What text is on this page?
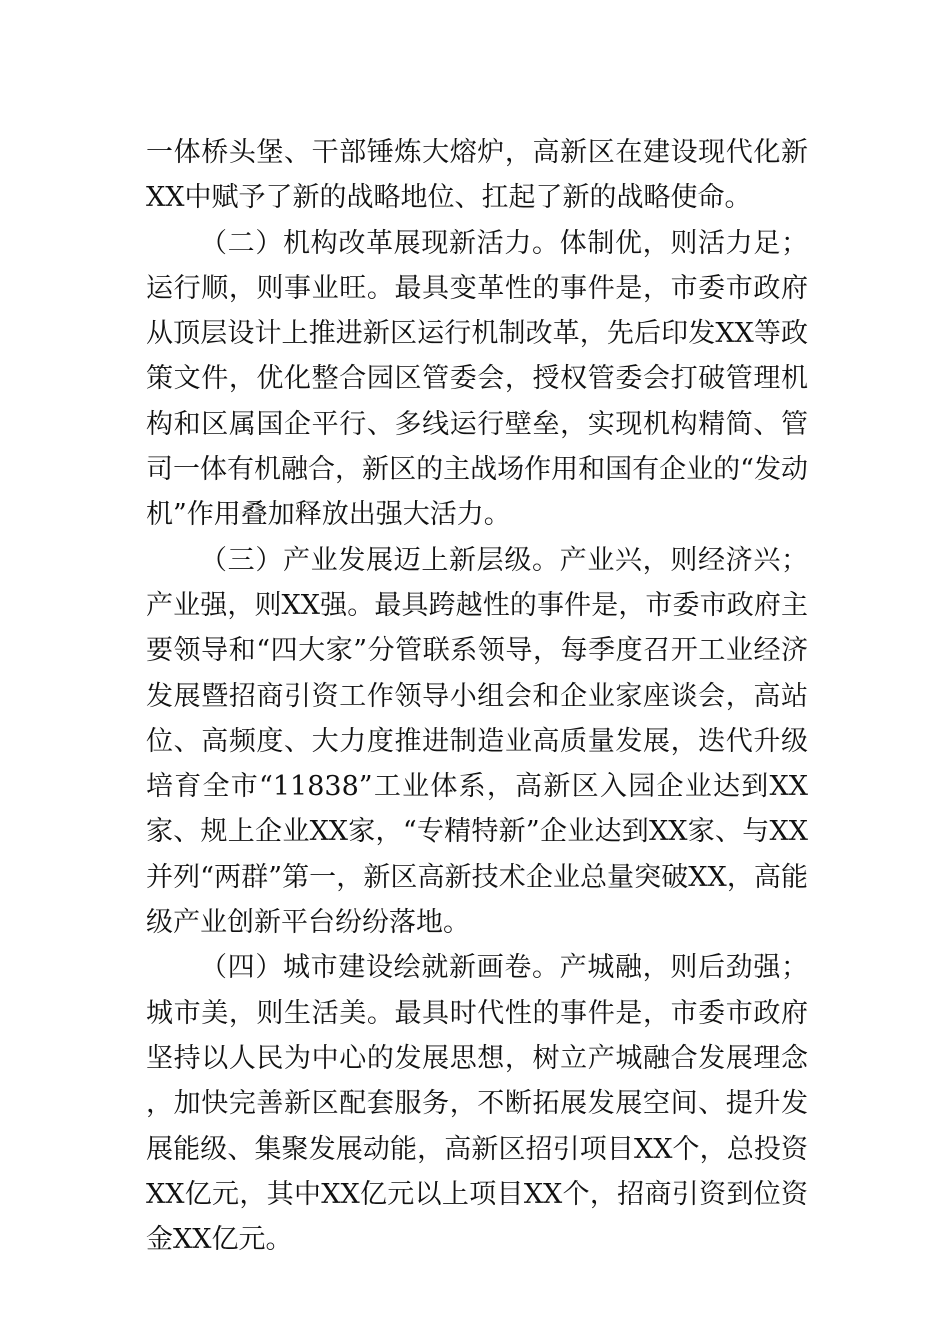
一体桥头堡、干部锤炼大熔炉，高新区在建设现代化新XX中赋予了新的战略地位、扛起了新的战略使命。

（二）机构改革展现新活力。体制优，则活力足；运行顺，则事业旺。最具变革性的事件是，市委市政府从顶层设计上推进新区运行机制改革，先后印发XX等政策文件，优化整合园区管委会，授权管委会打破管理机构和区属国企平行、多线运行壁垒，实现机构精简、管司一体有机融合，新区的主战场作用和国有企业的“发动机”作用叠加释放出强大活力。

（三）产业发展迈上新层级。产业兴，则经济兴；产业强，则XX强。最具跨越性的事件是，市委市政府主要领导和“四大家”分管联系领导，每季度召开工业经济发展暨招商引资工作领导小组会和企业家座谈会，高站位、高频度、大力度推进制造业高质量发展，迭代升级培育全市“11838”工业体系，高新区入园企业达到XX家、规上企业XX家，“专精特新”企业达到XX家、与XX并列“两群”第一，新区高新技术企业总量突破XX，高能级产业创新平台纷纷落地。

（四）城市建设绘就新画卷。产城融，则后劲强；城市美，则生活美。最具时代性的事件是，市委市政府坚持以人民为中心的发展思想，树立产城融合发展理念，加快完善新区配套服务，不断拓展发展空间、提升发展能级、集聚发展动能，高新区招引项目XX个，总投资XX亿元，其中XX亿元以上项目XX个，招商引资到位资金XX亿元。
